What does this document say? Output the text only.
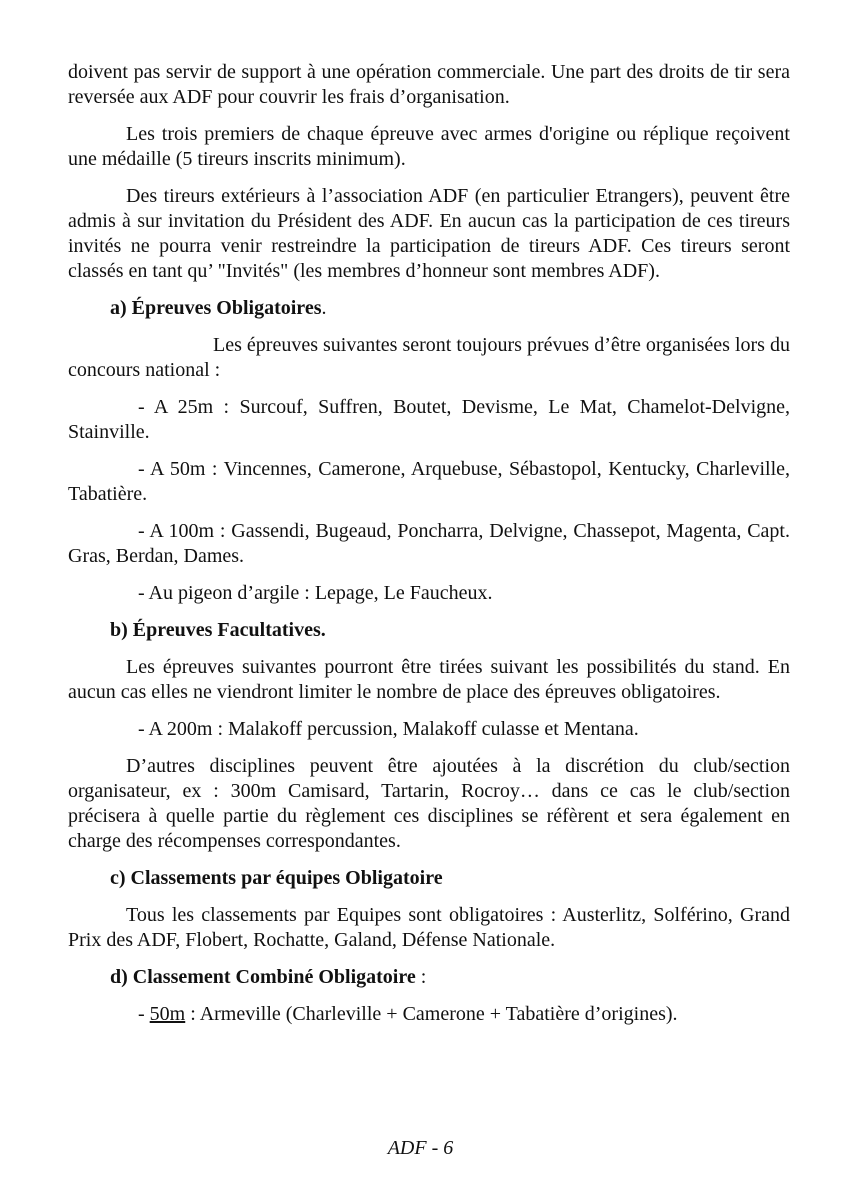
doivent pas servir de support à une opération commerciale. Une part des droits de tir sera reversée aux ADF pour couvrir les frais d’organisation.

Les trois premiers de chaque épreuve avec armes d'origine ou réplique reçoivent une médaille (5 tireurs inscrits minimum).

Des tireurs extérieurs à l’association ADF (en particulier Etrangers), peuvent être admis à sur invitation du Président des ADF. En aucun cas la participation de ces tireurs invités ne pourra venir restreindre la participation de tireurs ADF. Ces tireurs seront classés en tant qu’ "Invités" (les membres d’honneur sont membres ADF).

a) Épreuves Obligatoires.

Les épreuves suivantes seront toujours prévues d’être organisées lors du concours national :

- A 25m : Surcouf, Suffren, Boutet, Devisme, Le Mat, Chamelot-Delvigne, Stainville.

- A 50m : Vincennes, Camerone, Arquebuse, Sébastopol, Kentucky, Charleville, Tabatière.

- A 100m : Gassendi, Bugeaud, Poncharra, Delvigne, Chassepot, Magenta, Capt. Gras, Berdan, Dames.

- Au pigeon d’argile : Lepage, Le Faucheux.

b) Épreuves Facultatives.

Les épreuves suivantes pourront être tirées suivant les possibilités du stand. En aucun cas elles ne viendront limiter le nombre de place des épreuves obligatoires.

- A 200m : Malakoff percussion, Malakoff culasse et Mentana.

D’autres disciplines peuvent être ajoutées à la discrétion du club/section organisateur, ex : 300m Camisard, Tartarin, Rocroy… dans ce cas le club/section précisera à quelle partie du règlement ces disciplines se réfèrent et sera également en charge des récompenses correspondantes.

c) Classements par équipes Obligatoire

Tous les classements par Equipes sont obligatoires : Austerlitz, Solférino, Grand Prix des ADF, Flobert, Rochatte, Galand, Défense Nationale.

d) Classement Combiné Obligatoire :

- 50m : Armeville (Charleville + Camerone + Tabatière d’origines).

ADF - 6
